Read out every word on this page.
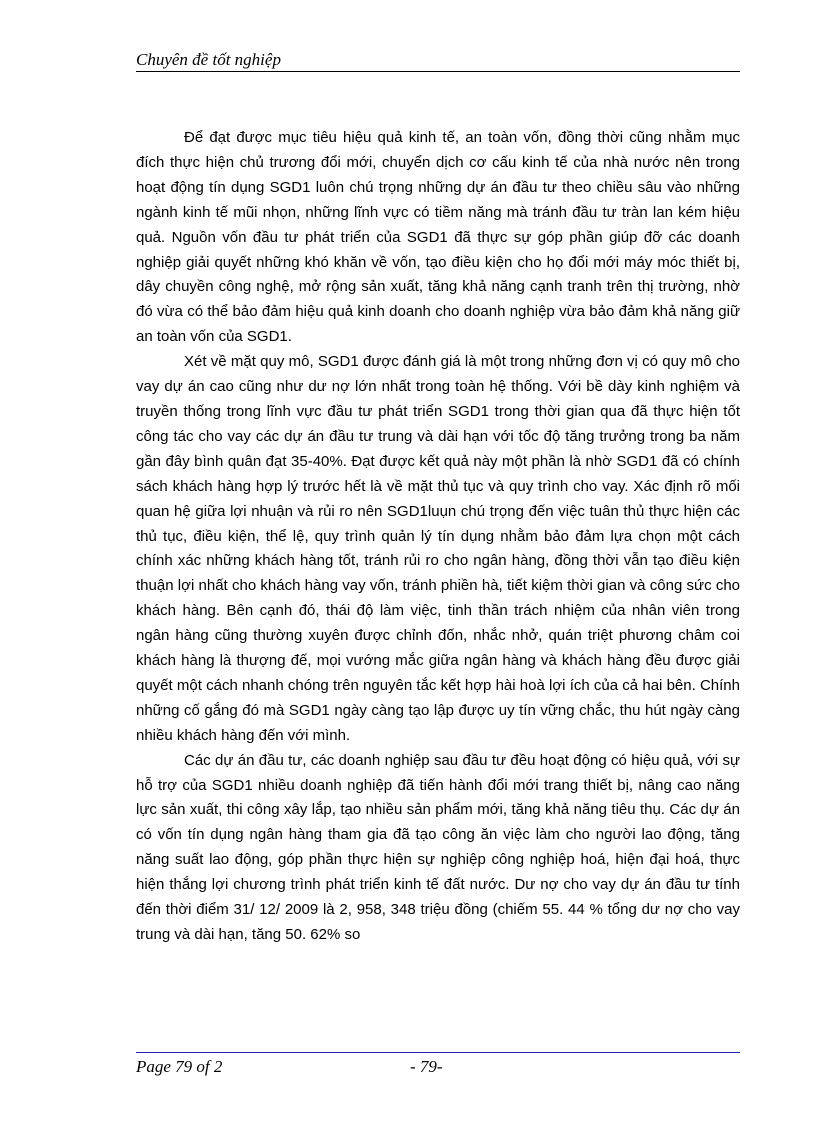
Chuyên đề tốt nghiệp

Để đạt được mục tiêu hiệu quả kinh tế, an toàn vốn, đồng thời cũng nhằm mục đích thực hiện chủ trương đổi mới, chuyển dịch cơ cấu kinh tế của nhà nước nên trong hoạt động tín dụng SGD1 luôn chú trọng những dự án đầu tư theo chiều sâu vào những ngành kinh tế mũi nhọn, những lĩnh vực có tiềm năng mà tránh đầu tư tràn lan kém hiệu quả. Nguồn vốn đầu tư phát triển của SGD1 đã thực sự góp phần giúp đỡ các doanh nghiệp giải quyết những khó khăn về vốn, tạo điều kiện cho họ đổi mới máy móc thiết bị, dây chuyền công nghệ, mở rộng sản xuất, tăng khả năng cạnh tranh trên thị trường, nhờ đó vừa có thể bảo đảm hiệu quả kinh doanh cho doanh nghiệp vừa bảo đảm khả năng giữ an toàn vốn của SGD1.

Xét về mặt quy mô, SGD1 được đánh giá là một trong những đơn vị có quy mô cho vay dự án cao cũng như dư nợ lớn nhất trong toàn hệ thống. Với bề dày kinh nghiệm và truyền thống trong lĩnh vực đầu tư phát triển SGD1 trong thời gian qua đã thực hiện tốt công tác cho vay các dự án đầu tư trung và dài hạn với tốc độ tăng trưởng trong ba năm gần đây bình quân đạt 35-40%. Đạt được kết quả này một phần là nhờ SGD1 đã có chính sách khách hàng hợp lý trước hết là về mặt thủ tục và quy trình cho vay. Xác định rõ mối quan hệ giữa lợi nhuận và rủi ro nên SGD1luụn chú trọng đến việc tuân thủ thực hiện các thủ tục, điều kiện, thể lệ, quy trình quản lý tín dụng nhằm bảo đảm lựa chọn một cách chính xác những khách hàng tốt, tránh rủi ro cho ngân hàng, đồng thời vẫn tạo điều kiện thuận lợi nhất cho khách hàng vay vốn, tránh phiền hà, tiết kiệm thời gian và công sức cho khách hàng. Bên cạnh đó, thái độ làm việc, tinh thần trách nhiệm của nhân viên trong ngân hàng cũng thường xuyên được chỉnh đốn, nhắc nhở, quán triệt phương châm coi khách hàng là thượng đế, mọi vướng mắc giữa ngân hàng và khách hàng đều được giải quyết một cách nhanh chóng trên nguyên tắc kết hợp hài hoà lợi ích của cả hai bên. Chính những cố gắng đó mà SGD1 ngày càng tạo lập được uy tín vững chắc, thu hút ngày càng nhiều khách hàng đến với mình.

Các dự án đầu tư, các doanh nghiệp sau đầu tư đều hoạt động có hiệu quả, với sự hỗ trợ của SGD1 nhiều doanh nghiệp đã tiến hành đổi mới trang thiết bị, nâng cao năng lực sản xuất, thi công xây lắp, tạo nhiều sản phẩm mới, tăng khả năng tiêu thụ. Các dự án có vốn tín dụng ngân hàng tham gia đã tạo công ăn việc làm cho người lao động, tăng năng suất lao động, góp phần thực hiện sự nghiệp công nghiệp hoá, hiện đại hoá, thực hiện thắng lợi chương trình phát triển kinh tế đất nước. Dư nợ cho vay dự án đầu tư tính đến thời điểm 31/ 12/ 2009 là 2, 958, 348 triệu đồng (chiếm 55. 44 % tổng dư nợ cho vay trung và dài hạn, tăng 50. 62% so

Page 79 of 2	- 79-
